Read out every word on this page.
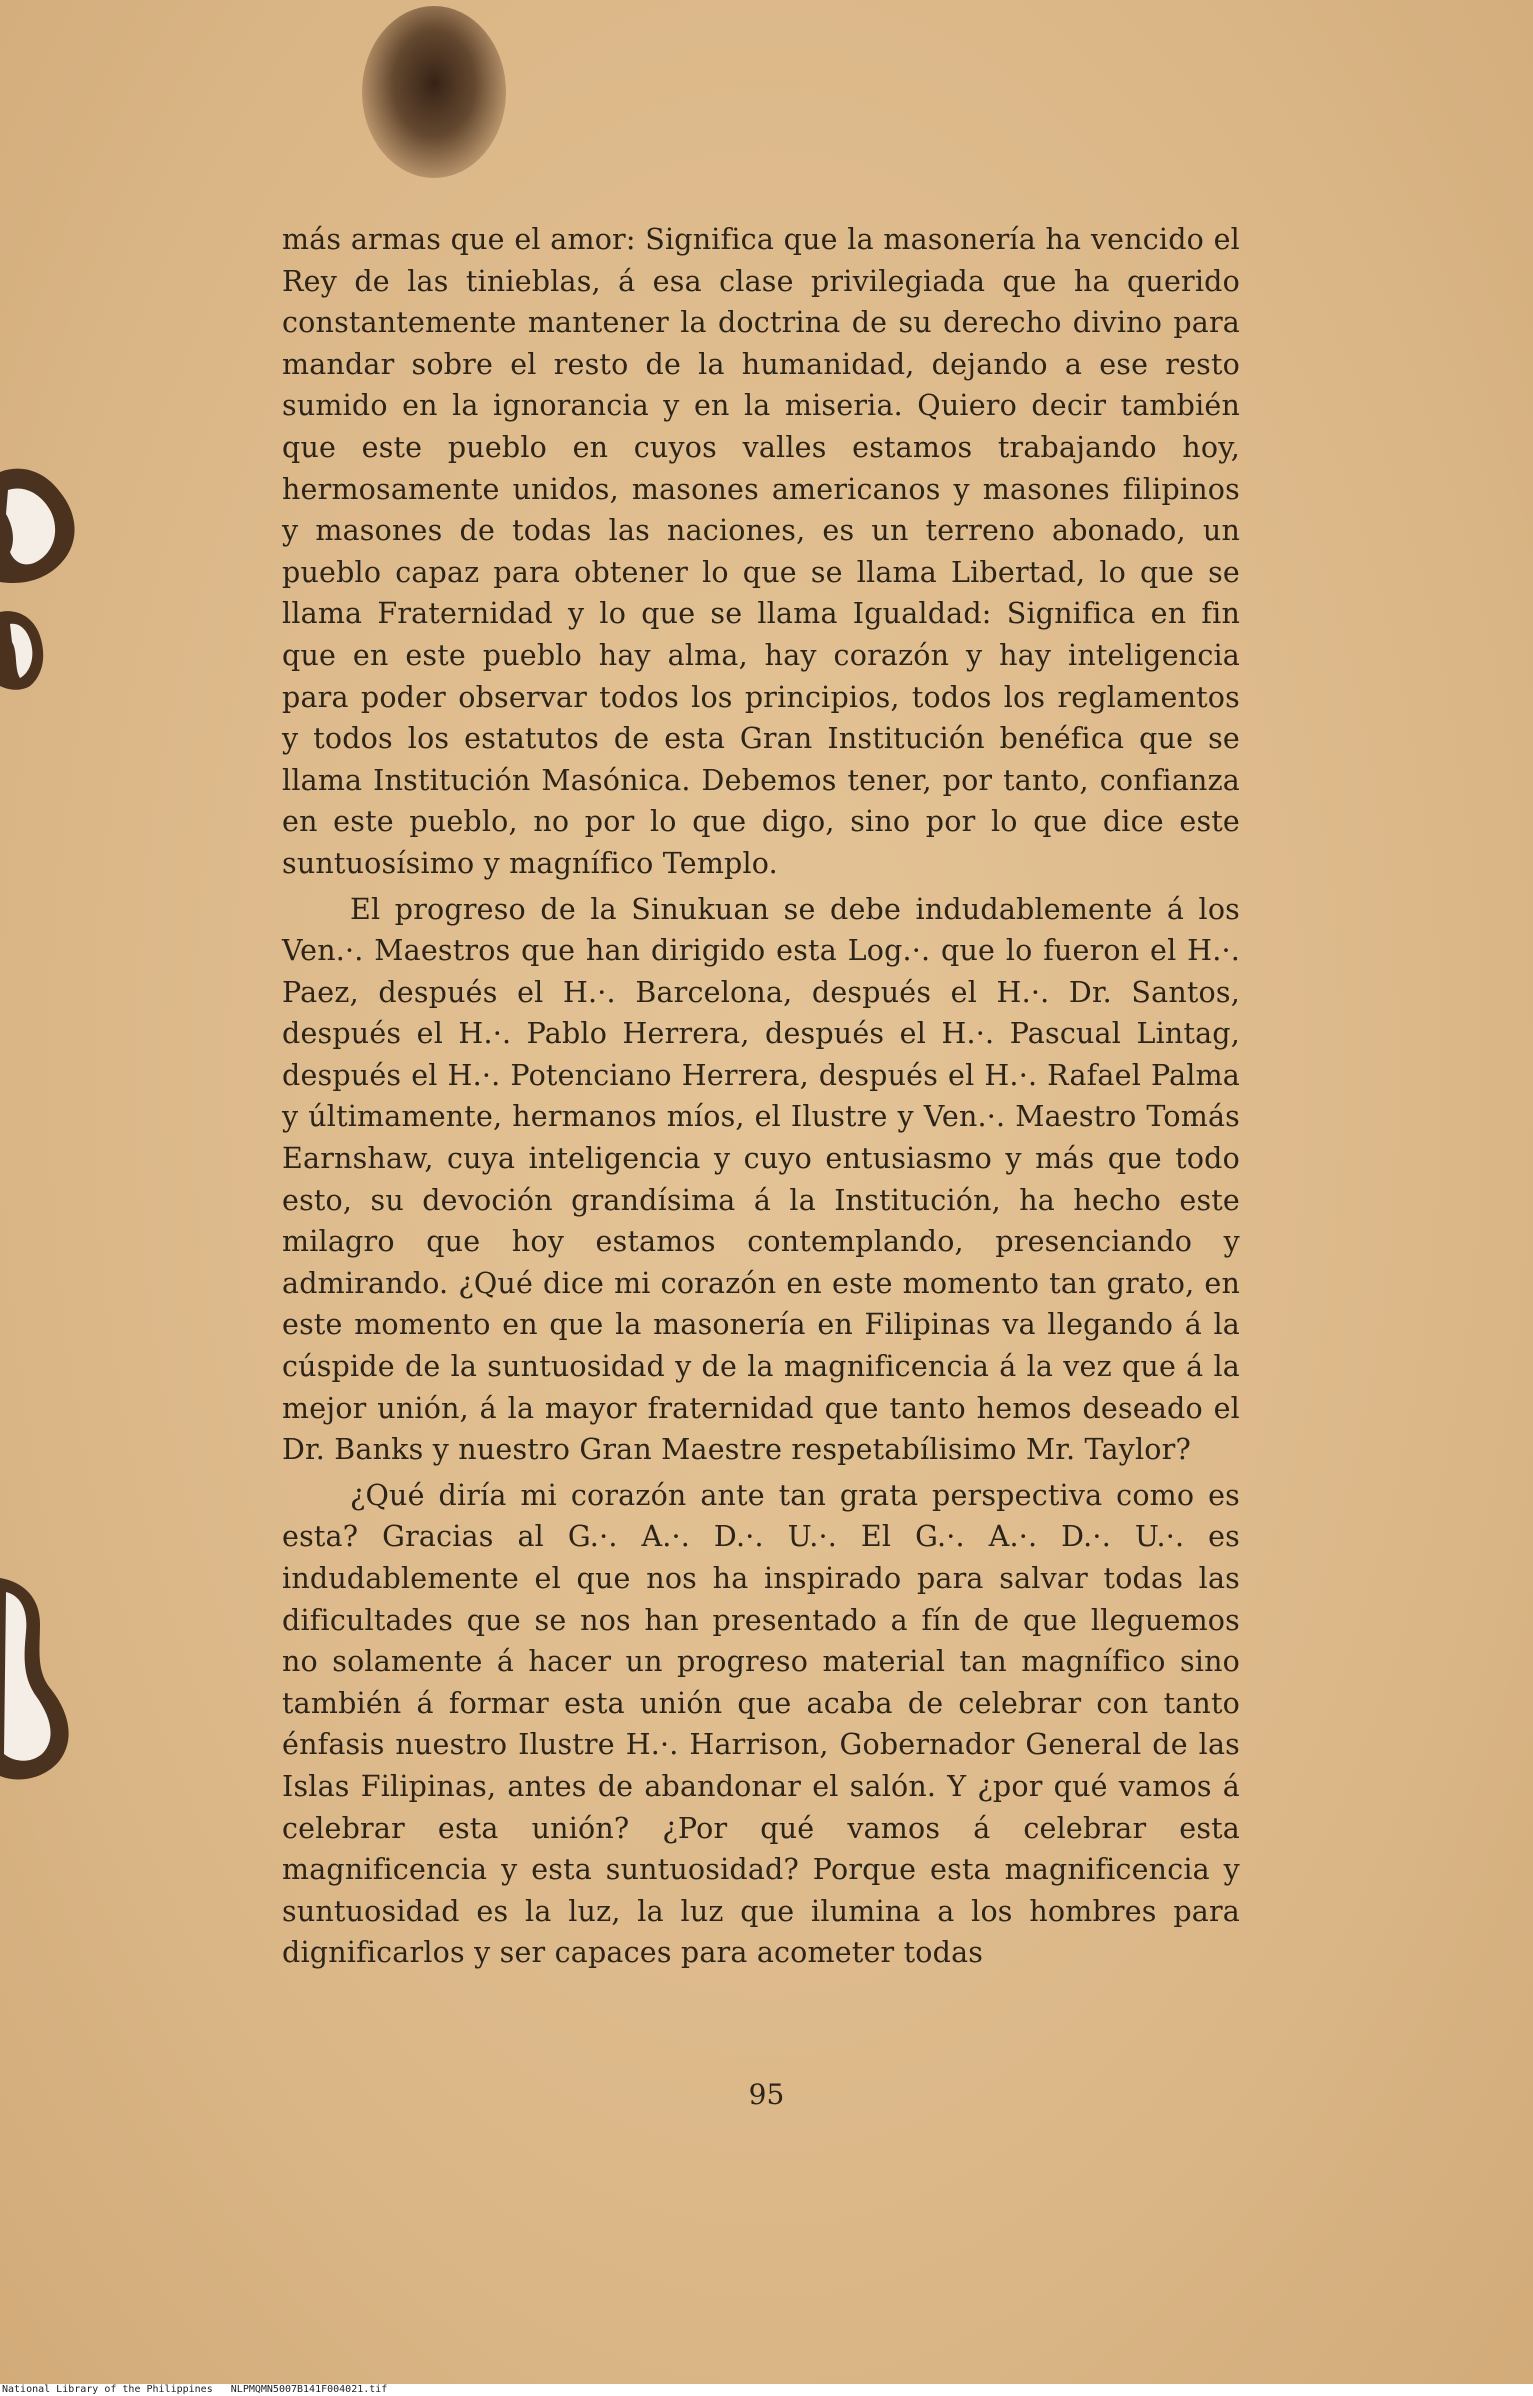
más armas que el amor: Significa que la masonería ha vencido el Rey de las tinieblas, á esa clase privilegiada que ha querido constantemente mantener la doctrina de su derecho divino para mandar sobre el resto de la humanidad, dejando a ese resto sumido en la ignorancia y en la miseria. Quiero decir también que este pueblo en cuyos valles estamos trabajando hoy, hermosamente unidos, masones americanos y masones filipinos y masones de todas las naciones, es un terreno abonado, un pueblo capaz para obtener lo que se llama Libertad, lo que se llama Fraternidad y lo que se llama Igualdad: Significa en fin que en este pueblo hay alma, hay corazón y hay inteligencia para poder observar todos los principios, todos los reglamentos y todos los estatutos de esta Gran Institución benéfica que se llama Institución Masónica. Debemos tener, por tanto, confianza en este pueblo, no por lo que digo, sino por lo que dice este suntuosísimo y magnífico Templo.

El progreso de la Sinukuan se debe indudablemente á los Ven.·. Maestros que han dirigido esta Log.·. que lo fueron el H.·. Paez, después el H.·. Barcelona, después el H.·. Dr. Santos, después el H.·. Pablo Herrera, después el H.·. Pascual Lintag, después el H.·. Potenciano Herrera, después el H.·. Rafael Palma y últimamente, hermanos míos, el Ilustre y Ven.·. Maestro Tomás Earnshaw, cuya inteligencia y cuyo entusiasmo y más que todo esto, su devoción grandísima á la Institución, ha hecho este milagro que hoy estamos contemplando, presenciando y admirando. ¿Qué dice mi corazón en este momento tan grato, en este momento en que la masonería en Filipinas va llegando á la cúspide de la suntuosidad y de la magnificencia á la vez que á la mejor unión, á la mayor fraternidad que tanto hemos deseado el Dr. Banks y nuestro Gran Maestre respetabílisimo Mr. Taylor?

¿Qué diría mi corazón ante tan grata perspectiva como es esta? Gracias al G.·. A.·. D.·. U.·. El G.·. A.·. D.·. U.·. es indudablemente el que nos ha inspirado para salvar todas las dificultades que se nos han presentado a fín de que lleguemos no solamente á hacer un progreso material tan magnífico sino también á formar esta unión que acaba de celebrar con tanto énfasis nuestro Ilustre H.·. Harrison, Gobernador General de las Islas Filipinas, antes de abandonar el salón. Y ¿por qué vamos á celebrar esta unión? ¿Por qué vamos á celebrar esta magnificencia y esta suntuosidad? Porque esta magnificencia y suntuosidad es la luz, la luz que ilumina a los hombres para dignificarlos y ser capaces para acometer todas

95
National Library of the Philippines NLPMQMN5007B141F004021.tif
